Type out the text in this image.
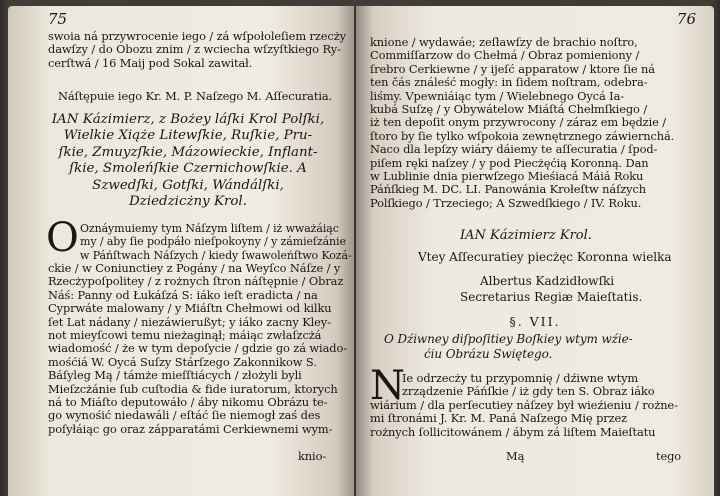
75
swoia ná przywrocenie iego / zá wſpołoleſiem rzecży
dawſzy / do Obozu znim / z wciecha wſzyſtkiego Ry-
cerſtwá / 16 Maij pod Sokal zawitał.
Náſtępuie iego Kr. M. P. Naſzego M. Aſſecuratia.
IAN Kázimierz, z Bożey láſki Krol Polſki,
Wielkie Xiąże Litewſkie, Ruſkie, Pru-
ſkie, Zmuyzſkie, Mázowieckie, Inflant-
ſkie, Smoleńſkie Czernichowſkie. A
Szwedſki, Gotſki, Wándálſki,
Dziedzicżny Krol.
O Oznáymuiemy tym Náſzym liſtem / iż wważáiąc
my / aby ſie podpáło nieſpokoyny / y zámieſzánie
w Páńſtwach Náſzych / kiedy ſwawoleńſtwo Kozá-
ckie / w Coniunctiey z Pogány / na Weyſco Náſze / y
Rzecżypoſpolitey / z rożnych ſtron náſtępnie / Obraz
Náś: Panny od Łukáſzá S: iáko ieſt eradicta / na
Cyprwáte malowany / y Miáſtn Chełmowi od kilku
ſet Lat nádany / niezáwierußyt; y iáko zacny Kley-
not mieyſcowi temu nieżaginął; máiąc zwłaſzcżá
wiadomość / że w tym depoſycie / gdzie go zá wiado-
mośćiá W. Oycá Suſzy Stárſzego Zakonnikow S.
Báſyleg Mą / támże mieſſtiácych / złożyli byli
Mieſzcżánie ſub cuſtodia & fide iuratorum, ktorych
ná to Miáſto deputowáło / áby nikomu Obrázu te-
go wynośić niedawáli / eſtáć ſie niemogł zaś des
poſyłáiąc go oraz zápparatámi Cerkiewnemi wym-
knio-
76
knione / wydawáe; zeſławſzy de brachio noſtro,
Commiſſarzow do Chełmá / Obraz pomieniony /
ſrebro Cerkiewne / y ijeſć apparatow / ktore ſie ná
ten čás ználeść mogły: in ſidem noſtram, odebra-
liśmy. Vpewniáiąc tym / Wielebnego Oycá Ia-
kubá Suſzę / y Obywátelow Miáſtá Chełmſkiego /
iż ten depoſit onym przywrocony / záraz em będzie /
ſtoro by ſie tylko wſpokoia zewnętrznego záwiernchá.
Naco dla lepſzy wiáry dáiemy te aſſecuratia / ſpod-
piſem ręki naſzey / y pod Piecżęćią Koronną. Dan
w Lublinie dnia pierwſzego Mieśiacá Máiá Roku
Páńſkieg M. DC. LI. Panowánia Krołeſtw náſzych
Polſkiego / Trzeciego; A Szwedſkiego / IV. Roku.
IAN Kázimierz Krol.
Vtey Aſſecuratiey piecżęc Koronna wielka
Albertus Kadzidłowſki
Secretarius Regiæ Maieſtatis.
§. VII.
O Dźiwney diſpoſitiey Boſkiey wtym wźie-
ćiu Obrázu Swiętego.
N
Ie odrzecży tu przypomnię / dźiwne wtym
zrządzenie Páńſkie / iż gdy ten S. Obraz iáko
wiárium / dla perſecutiey náſzey był wieźieniu / rożne-
mi ſtronámi J. Kr. M. Paná Naſzego Mię przez
rożnych ſollicitowánem / ábym zá liſtem Maieſtatu
Mą	tego
